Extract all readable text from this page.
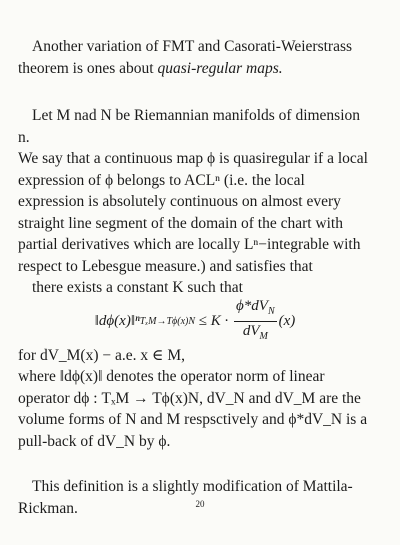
Another variation of FMT and Casorati-Weierstrass theorem is ones about quasi-regular maps.

Let M nad N be Riemannian manifolds of dimension n.

We say that a continuous map ϕ is quasiregular if a local expression of ϕ belongs to ACLⁿ (i.e. the local expression is absolutely continuous on almost every straight line segment of the domain of the chart with partial derivatives which are locally Lⁿ−integrable with respect to Lebesgue measure.) and satisfies that

there exists a constant K such that

‖dϕ(x)‖ⁿ $T_xM\to T\phi(x)N \le K \cdot \frac{\phi*dV_N}{dV_M} (x)$

for dV_M(x) − a.e. x ∈ M,

where ‖dϕ(x)‖ denotes the operator norm of linear operator dϕ : TₓM → Tϕ(x)N, dV_N and dV_M are the volume forms of N and M respsctively and ϕ*dV_N is a pull-back of dV_N by ϕ.

This definition is a slightly modification of Mattila-Rickman.	20
